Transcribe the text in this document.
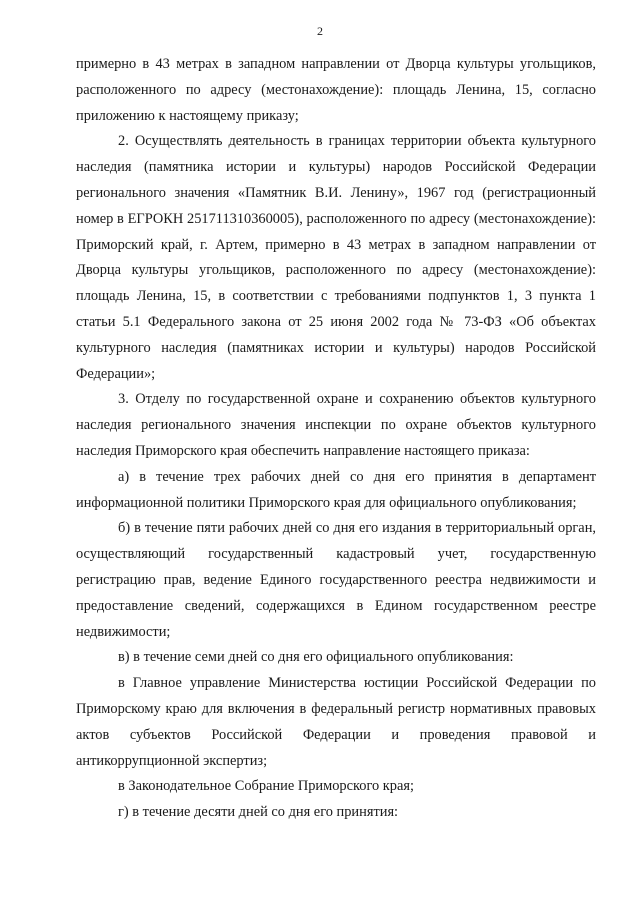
2

примерно в 43 метрах в западном направлении от Дворца культуры угольщиков, расположенного по адресу (местонахождение): площадь Ленина, 15, согласно приложению к настоящему приказу;

2. Осуществлять деятельность в границах территории объекта культурного наследия (памятника истории и культуры) народов Российской Федерации регионального значения «Памятник В.И. Ленину», 1967 год (регистрационный номер в ЕГРОКН 251711310360005), расположенного по адресу (местонахождение): Приморский край, г. Артем, примерно в 43 метрах в западном направлении от Дворца культуры угольщиков, расположенного по адресу (местонахождение): площадь Ленина, 15, в соответствии с требованиями подпунктов 1, 3 пункта 1 статьи 5.1 Федерального закона от 25 июня 2002 года № 73-ФЗ «Об объектах культурного наследия (памятниках истории и культуры) народов Российской Федерации»;

3. Отделу по государственной охране и сохранению объектов культурного наследия регионального значения инспекции по охране объектов культурного наследия Приморского края обеспечить направление настоящего приказа:

а) в течение трех рабочих дней со дня его принятия в департамент информационной политики Приморского края для официального опубликования;

б) в течение пяти рабочих дней со дня его издания в территориальный орган, осуществляющий государственный кадастровый учет, государственную регистрацию прав, ведение Единого государственного реестра недвижимости и предоставление сведений, содержащихся в Едином государственном реестре недвижимости;

в) в течение семи дней со дня его официального опубликования:

в Главное управление Министерства юстиции Российской Федерации по Приморскому краю для включения в федеральный регистр нормативных правовых актов субъектов Российской Федерации и проведения правовой и антикоррупционной экспертиз;

в Законодательное Собрание Приморского края;

г) в течение десяти дней со дня его принятия:
